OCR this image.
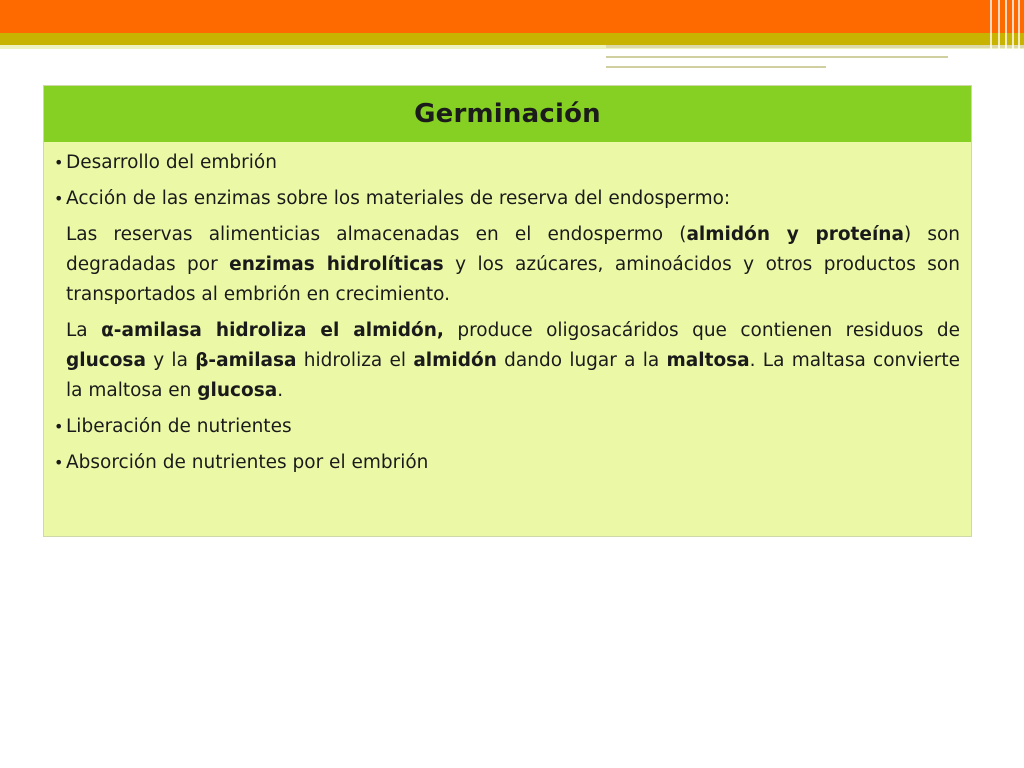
Germinación
• Desarrollo del embrión
• Acción de las enzimas sobre los materiales de reserva del endospermo:
Las reservas alimenticias almacenadas en el endospermo (almidón y proteína) son degradadas por enzimas hidrolíticas y los azúcares, aminoácidos y otros productos son transportados al embrión en crecimiento.
La α-amilasa hidroliza el almidón, produce oligosacáridos que contienen residuos de glucosa y la β-amilasa hidroliza el almidón dando lugar a la maltosa. La maltasa convierte la maltosa en glucosa.
• Liberación de nutrientes
• Absorción de nutrientes por el embrión
